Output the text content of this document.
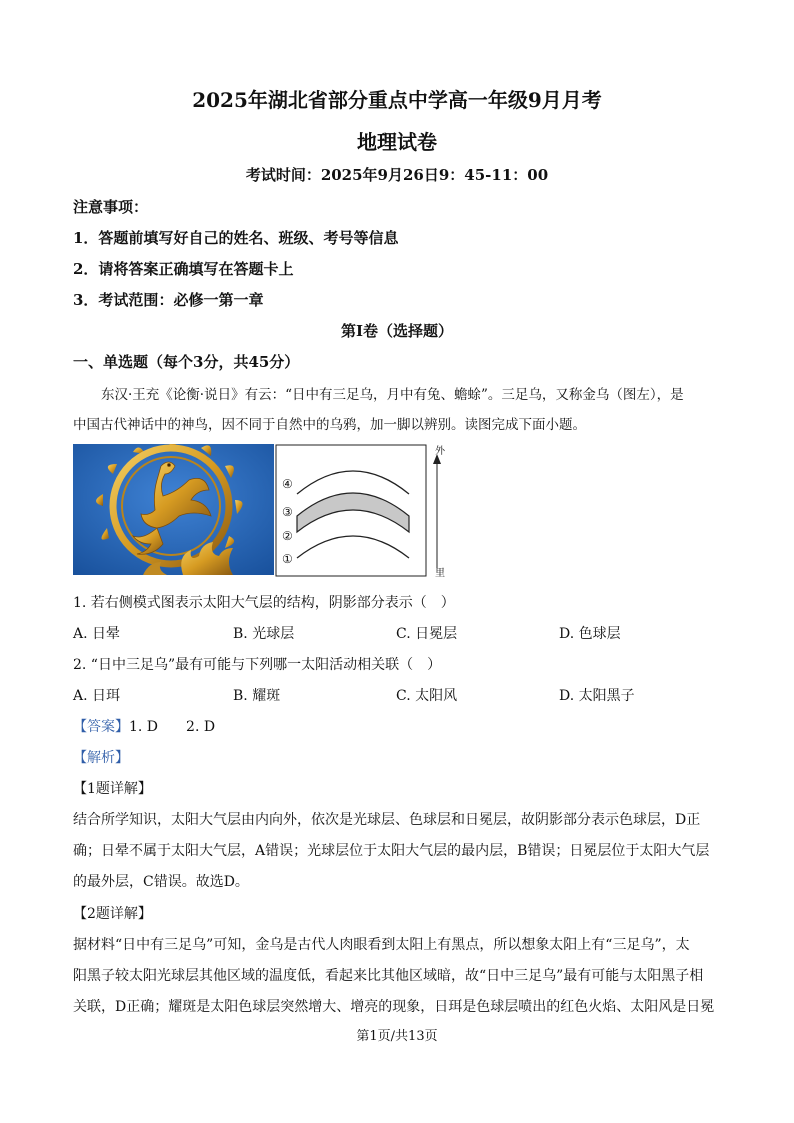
2025年湖北省部分重点中学高一年级9月月考
地理试卷
考试时间：2025年9月26日9：45-11：00
注意事项：
1．答题前填写好自己的姓名、班级、考号等信息
2．请将答案正确填写在答题卡上
3．考试范围：必修一第一章
第I卷（选择题）
一、单选题（每个3分，共45分）
东汉·王充《论衡·说日》有云：“日中有三足乌，月中有兔、蟾蜍”。三足乌，又称金乌（图左），是
中国古代神话中的神鸟，因不同于自然中的乌鸦，加一脚以辨别。读图完成下面小题。
④
③
②
①
外
里
1. 若右侧模式图表示太阳大气层的结构，阴影部分表示（　）
A. 日晕	B. 光球层	C. 日冕层	D. 色球层
2. “日中三足乌”最有可能与下列哪一太阳活动相关联（　）
A. 日珥	B. 耀斑	C. 太阳风	D. 太阳黑子
【答案】1. D　　2. D
【解析】
【1题详解】
结合所学知识，太阳大气层由内向外，依次是光球层、色球层和日冕层，故阴影部分表示色球层，D正
确；日晕不属于太阳大气层，A错误；光球层位于太阳大气层的最内层，B错误；日冕层位于太阳大气层
的最外层，C错误。故选D。
【2题详解】
据材料“日中有三足乌”可知，金乌是古代人肉眼看到太阳上有黑点，所以想象太阳上有“三足乌”，太
阳黑子较太阳光球层其他区域的温度低，看起来比其他区域暗，故“日中三足乌”最有可能与太阳黑子相
关联，D正确；耀斑是太阳色球层突然增大、增亮的现象，日珥是色球层喷出的红色火焰、太阳风是日冕
第1页/共13页
